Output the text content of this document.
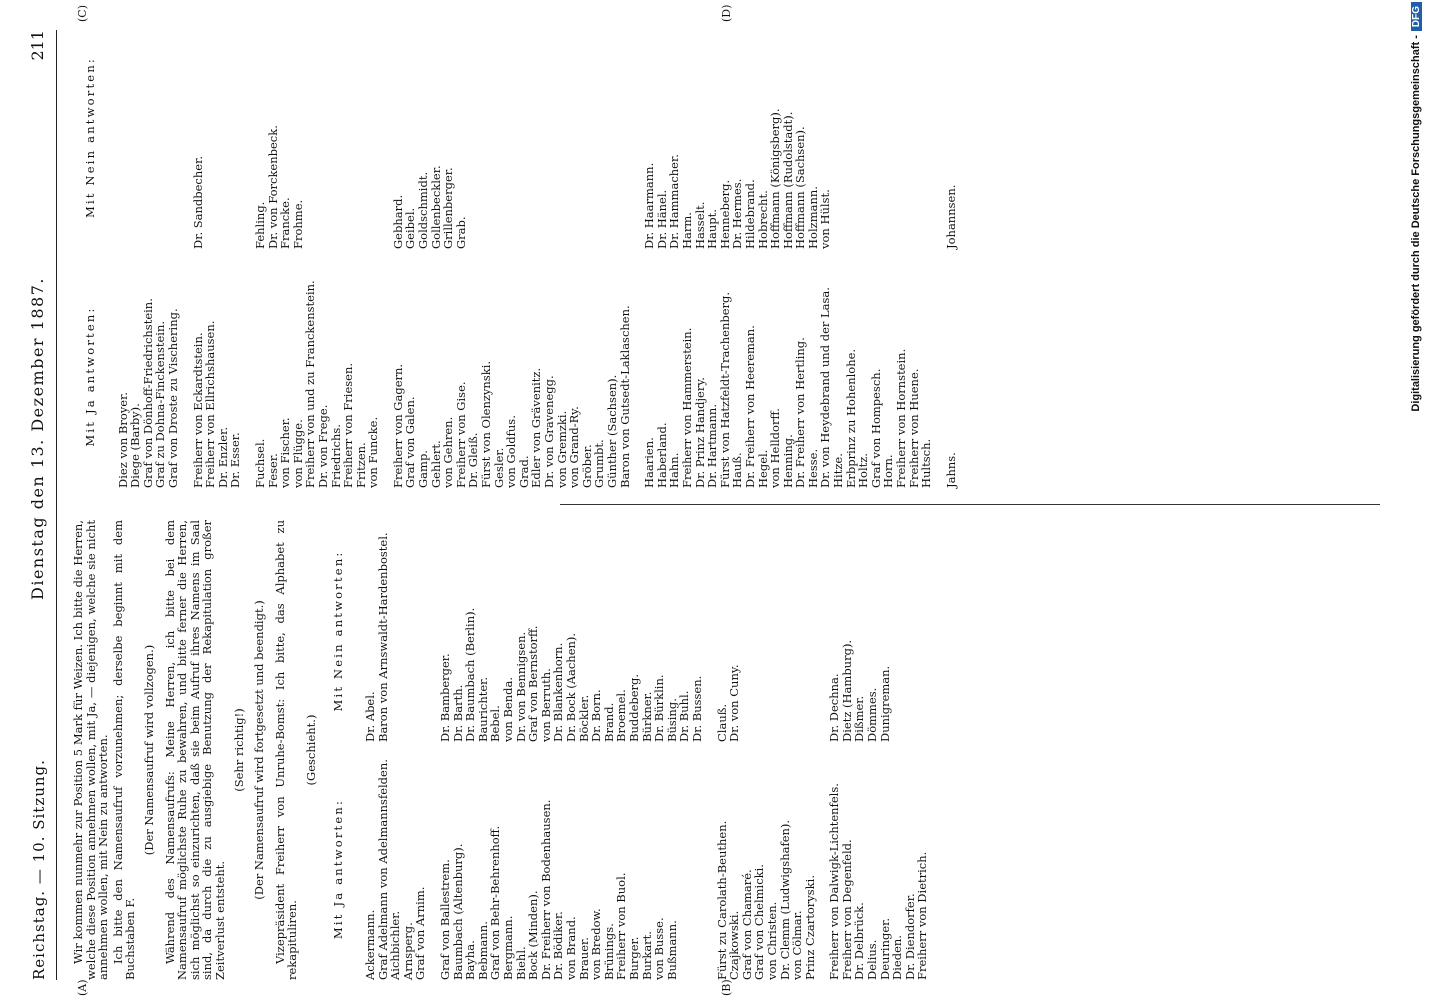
Reichstag. — 10. Sitzung.
Dienstag den 13. Dezember 1887.
211
(A)	(B)
(C)	(D)

Wir kommen nunmehr zur Position 5 Mark für Weizen. Ich bitte die Herren, welche diese Position annehmen wollen, mit Ja, — diejenigen, welche sie nicht annehmen wollen, mit Nein zu antworten. Ich bitte den Namensaufruf vorzunehmen; derselbe beginnt mit dem Buchstaben F.

(Der Namensaufruf wird vollzogen.) Während des Namensaufrufs: Meine Herren, ich bitte bei dem Namensaufruf möglichste Ruhe zu bewahren, und bitte ferner die Herren, sich möglichst so einzurichten, daß sie beim Aufruf ihres Namens im Saal sind, da durch die zu ausgiebige Benutzung der Rekapitulation großer Zeitverlust entsteht.

(Sehr richtig!) (Der Namensaufruf wird fortgesetzt und beendigt.) Vizepräsident Freiherr von Unruhe-Bomst: Ich bitte, das Alphabet zu rekapituliren.

(Geschieht.)

Mit Ja antworten:
Mit Nein antworten:
Ackermann.
Graf Adelmann von Adelmannsfelden.
Aichbichler.
Arnsperg.
Graf von Arnim.
Dr. Abel.
Baron von Arnswaldt-Hardenbostel.
Graf von Ballestrem.
Baumbach (Altenburg).
Bayha.
Bebmann.
Graf von Behr-Behrenhoff.
Bergmann.
Biehl.
Bock (Minden).
Dr. Freiherr von Bodenhausen.
Dr. Bödiker.
von Brand.
Brauer.
von Bredow.
Brünings.
Freiherr von Buol.
Burger.
Burkart.
von Busse.
Bußmann.
Dr. Bamberger.
Dr. Barth.
Dr. Baumbach (Berlin).
Baurichter.
Bebel.
von Benda.
Dr. von Bennigsen.
Graf von Bernstorff.
von Berruth.
Dr. Blankenhorn.
Dr. Bock (Aachen).
Böckler.
Dr. Born.
Brand.
Broemel.
Buddeberg.
Bürkner.
Dr. Bürklin.
Büsing.
Dr. Buhl.
Dr. Bussen.
Fürst zu Carolath-Beuthen.
Czajkowski.
Graf von Chamaré.
Graf von Chelmicki.
von Christen.
Dr. Clemm (Ludwigshafen).
von Cölmar.
Prinz Czartoryski.
Clauß.
Dr. von Cuny.
Freiherr von Dalwigk-Lichtenfels.
Freiherr von Degenfeld.
Dr. Delbrück.
Delius.
Deuringer.
Dieden.
Dr. Diendorfer.
Freiherr von Dietrich.
Dr. Dechna.
Dietz (Hamburg).
Dißmer.
Dömmes.
Dunigreman.
Mit Ja antworten:
Mit Nein antworten:
Diez von Broyer.
Diege (Barby).
Graf von Dönhoff-Friedrichstein.
Graf zu Dohna-Finckenstein.
Graf von Droste zu Vischering. Freiherr von Eckardtstein.
Freiherr von Ellrichshausen.
Dr. Enzler.
Dr. Esser.
Dr. Sandbecher.
Fuchsel.
Feser.
von Fischer.
von Flügge.
Freiherr von und zu Franckenstein.
Dr. von Frege.
Friedrichs.
Freiherr von Friesen.
Fritzen.
von Funcke.
Fehling.
Dr. von Forckenbeck.
Francke.
Frohme.
Freiherr von Gagern.
Graf von Galen.
Gamp.
Gehlert.
von Gehren.
Freiherr von Gise.
Dr. Gleiß.
Fürst von Olenzynski.
Gesler.
von Goldfus.
Grad.
Edler von Grävenitz.
Dr. von Gravenegg.
von Gremzki.
von Grand-Ry.
Gröber.
Grumbt.
Günther (Sachsen).
Baron von Gutsedt-Laklaschen.
Gebhard.
Geibel.
Goldschmidt.
Gollenbeckler.
Grillenberger.
Grab.
Haarien.
Haberland.
Hahn.
Freiherr von Hammerstein.
Dr. Prinz Handjery.
Dr. Hartmann.
Fürst von Hatzfeldt-Trachenberg.
Hauß.
Dr. Freiherr von Heereman.
Hegel.
von Helldorff.
Henning.
Dr. Freiherr von Hertling.
Hesse.
Dr. von Heydebrand und der Lasa.
Hitze.
Erbprinz zu Hohenlohe.
Holtz.
Graf von Hompesch.
Horn.
Freiherr von Hornstein.
Freiherr von Huene.
Hultsch.
Dr. Haarmann.
Dr. Hänel.
Dr. Hammacher.
Harm.
Hasselt.
Haupt.
Henneberg.
Dr. Hermes.
Hildebrand.
Hobrecht.
Hoffmann (Königsberg).
Hoffmann (Rudolstadt).
Hoffmann (Sachsen).
Holzmann.
von Hülst.
Jahns.
Johannsen.	Digitalisierung gefördert durch die Deutsche Forschungsgemeinschaft -
DFG
